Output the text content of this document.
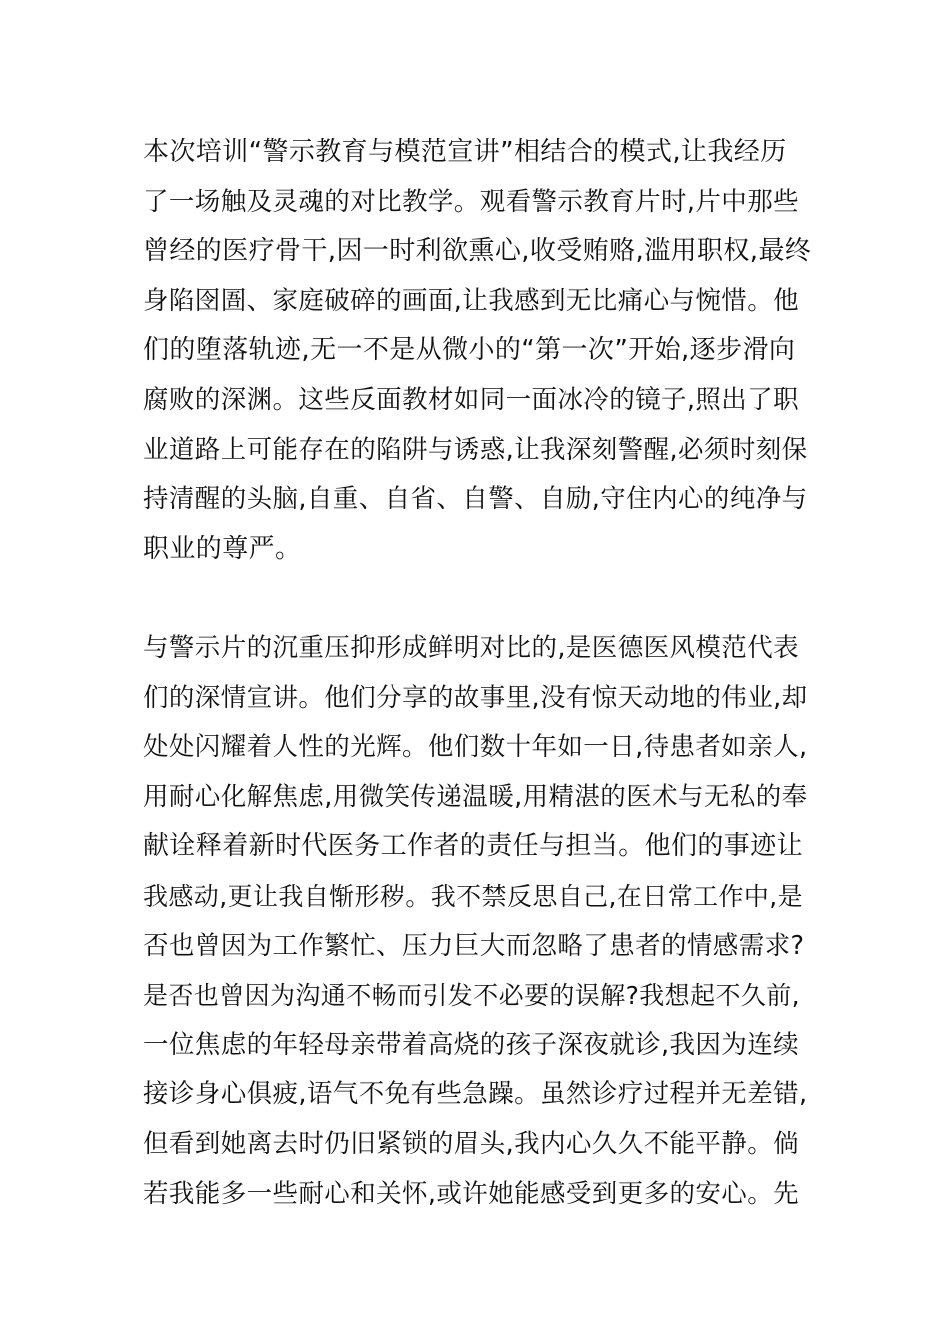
本次培训“警示教育与模范宣讲”相结合的模式,让我经历
了一场触及灵魂的对比教学。观看警示教育片时,片中那些
曾经的医疗骨干,因一时利欲熏心,收受贿赂,滥用职权,最终
身陷囹圄、家庭破碎的画面,让我感到无比痛心与惋惜。他
们的堕落轨迹,无一不是从微小的“第一次”开始,逐步滑向
腐败的深渊。这些反面教材如同一面冰冷的镜子,照出了职
业道路上可能存在的陷阱与诱惑,让我深刻警醒,必须时刻保
持清醒的头脑,自重、自省、自警、自励,守住内心的纯净与
职业的尊严。

与警示片的沉重压抑形成鲜明对比的,是医德医风模范代表
们的深情宣讲。他们分享的故事里,没有惊天动地的伟业,却
处处闪耀着人性的光辉。他们数十年如一日,待患者如亲人,
用耐心化解焦虑,用微笑传递温暖,用精湛的医术与无私的奉
献诠释着新时代医务工作者的责任与担当。他们的事迹让
我感动,更让我自惭形秽。我不禁反思自己,在日常工作中,是
否也曾因为工作繁忙、压力巨大而忽略了患者的情感需求?
是否也曾因为沟通不畅而引发不必要的误解?我想起不久前,
一位焦虑的年轻母亲带着高烧的孩子深夜就诊,我因为连续
接诊身心俱疲,语气不免有些急躁。虽然诊疗过程并无差错,
但看到她离去时仍旧紧锁的眉头,我内心久久不能平静。倘
若我能多一些耐心和关怀,或许她能感受到更多的安心。先
